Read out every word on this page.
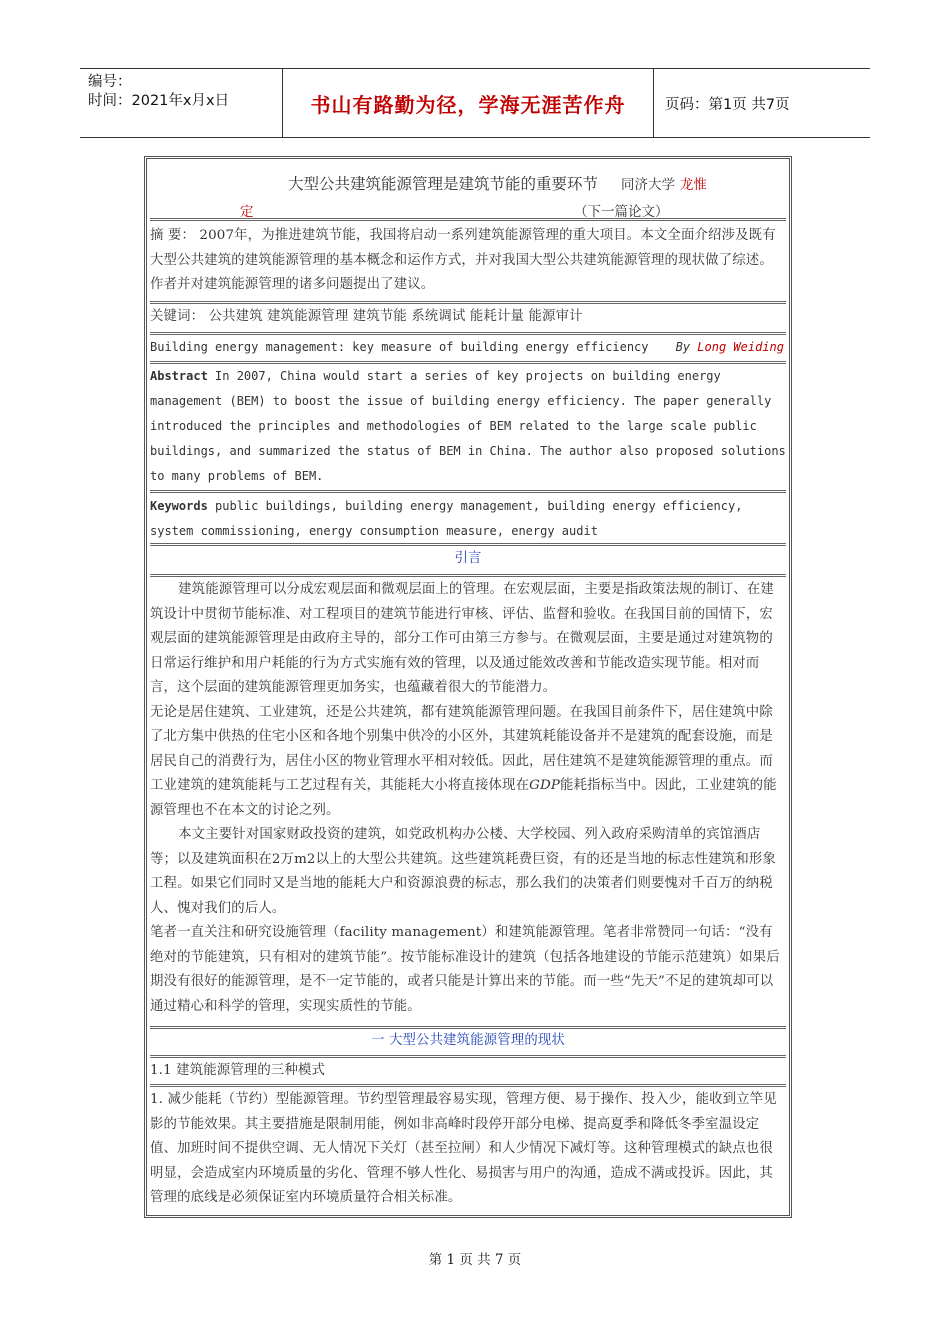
编号：
时间：2021年x月x日	书山有路勤为径，学海无涯苦作舟	页码：第1页 共7页
大型公共建筑能源管理是建筑节能的重要环节 同济大学 龙惟
定	（下一篇论文）

摘 要： 2007年，为推进建筑节能，我国将启动一系列建筑能源管理的重大项目。本文全面介绍涉及既有大型公共建筑的建筑能源管理的基本概念和运作方式，并对我国大型公共建筑能源管理的现状做了综述。作者并对建筑能源管理的诸多问题提出了建议。

关键词： 公共建筑 建筑能源管理 建筑节能 系统调试 能耗计量 能源审计

Building energy management: key measure of building energy efficiency By Long Weiding

Abstract In 2007, China would start a series of key projects on building energy management (BEM) to boost the issue of building energy efficiency. The paper generally introduced the principles and methodologies of BEM related to the large scale public buildings, and summarized the status of BEM in China. The author also proposed solutions to many problems of BEM.

Keywords public buildings, building energy management, building energy efficiency, system commissioning, energy consumption measure, energy audit

引言

建筑能源管理可以分成宏观层面和微观层面上的管理。在宏观层面，主要是指政策法规的制订、在建筑设计中贯彻节能标准、对工程项目的建筑节能进行审核、评估、监督和验收。在我国目前的国情下，宏观层面的建筑能源管理是由政府主导的，部分工作可由第三方参与。在微观层面，主要是通过对建筑物的日常运行维护和用户耗能的行为方式实施有效的管理，以及通过能效改善和节能改造实现节能。相对而言，这个层面的建筑能源管理更加务实，也蕴藏着很大的节能潜力。

无论是居住建筑、工业建筑，还是公共建筑，都有建筑能源管理问题。在我国目前条件下，居住建筑中除了北方集中供热的住宅小区和各地个别集中供冷的小区外，其建筑耗能设备并不是建筑的配套设施，而是居民自己的消费行为，居住小区的物业管理水平相对较低。因此，居住建筑不是建筑能源管理的重点。而工业建筑的建筑能耗与工艺过程有关，其能耗大小将直接体现在GDP能耗指标当中。因此，工业建筑的能源管理也不在本文的讨论之列。

本文主要针对国家财政投资的建筑，如党政机构办公楼、大学校园、列入政府采购清单的宾馆酒店等；以及建筑面积在2万m2以上的大型公共建筑。这些建筑耗费巨资，有的还是当地的标志性建筑和形象工程。如果它们同时又是当地的能耗大户和资源浪费的标志，那么我们的决策者们则要愧对千百万的纳税人、愧对我们的后人。

笔者一直关注和研究设施管理（facility management）和建筑能源管理。笔者非常赞同一句话：“没有绝对的节能建筑，只有相对的建筑节能”。按节能标准设计的建筑（包括各地建设的节能示范建筑）如果后期没有很好的能源管理，是不一定节能的，或者只能是计算出来的节能。而一些“先天”不足的建筑却可以通过精心和科学的管理，实现实质性的节能。

一 大型公共建筑能源管理的现状
1.1 建筑能源管理的三种模式

1. 减少能耗（节约）型能源管理。节约型管理最容易实现，管理方便、易于操作、投入少，能收到立竿见影的节能效果。其主要措施是限制用能，例如非高峰时段停开部分电梯、提高夏季和降低冬季室温设定值、加班时间不提供空调、无人情况下关灯（甚至拉闸）和人少情况下减灯等。这种管理模式的缺点也很明显，会造成室内环境质量的劣化、管理不够人性化、易损害与用户的沟通，造成不满或投诉。因此，其管理的底线是必须保证室内环境质量符合相关标准。

第 1 页 共 7 页
